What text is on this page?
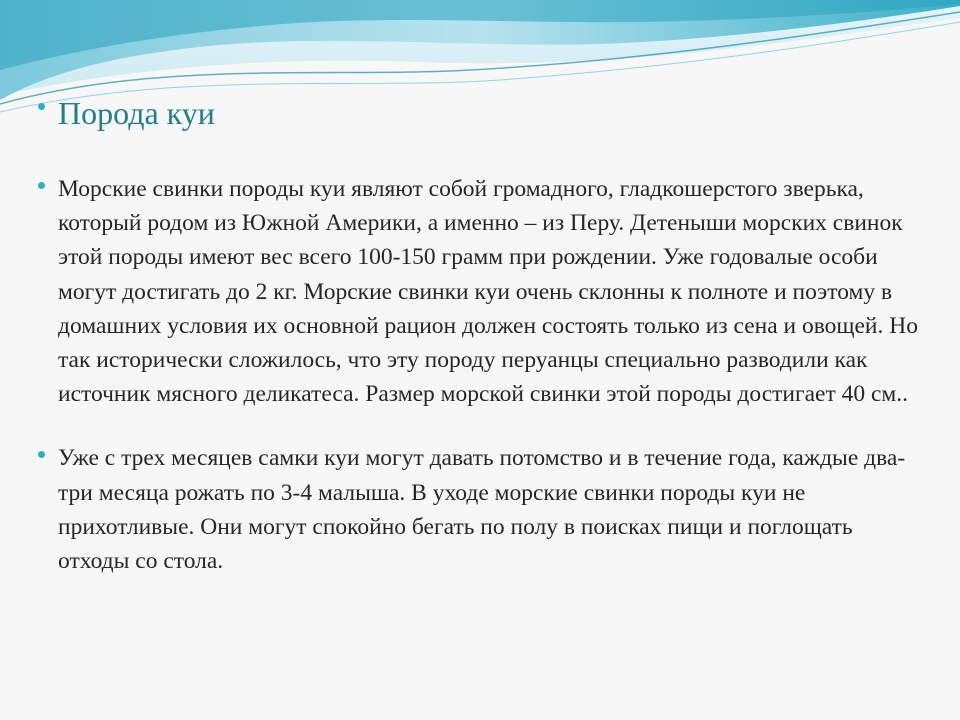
Порода куи

Морские свинки породы куи являют собой громадного, гладкошерстого зверька, который родом из Южной Америки, а именно – из Перу. Детеныши морских свинок этой породы имеют вес всего 100-150 грамм при рождении. Уже годовалые особи могут достигать до 2 кг. Морские свинки куи очень склонны к полноте и поэтому в домашних условия их основной рацион должен состоять только из сена и овощей. Но так исторически сложилось, что эту породу перуанцы специально разводили как источник мясного деликатеса. Размер морской свинки этой породы достигает 40 см..

Уже с трех месяцев самки куи могут давать потомство и в течение года, каждые два-три месяца рожать по 3-4 малыша. В уходе морские свинки породы куи не прихотливые. Они могут спокойно бегать по полу в поисках пищи и поглощать отходы со стола.
